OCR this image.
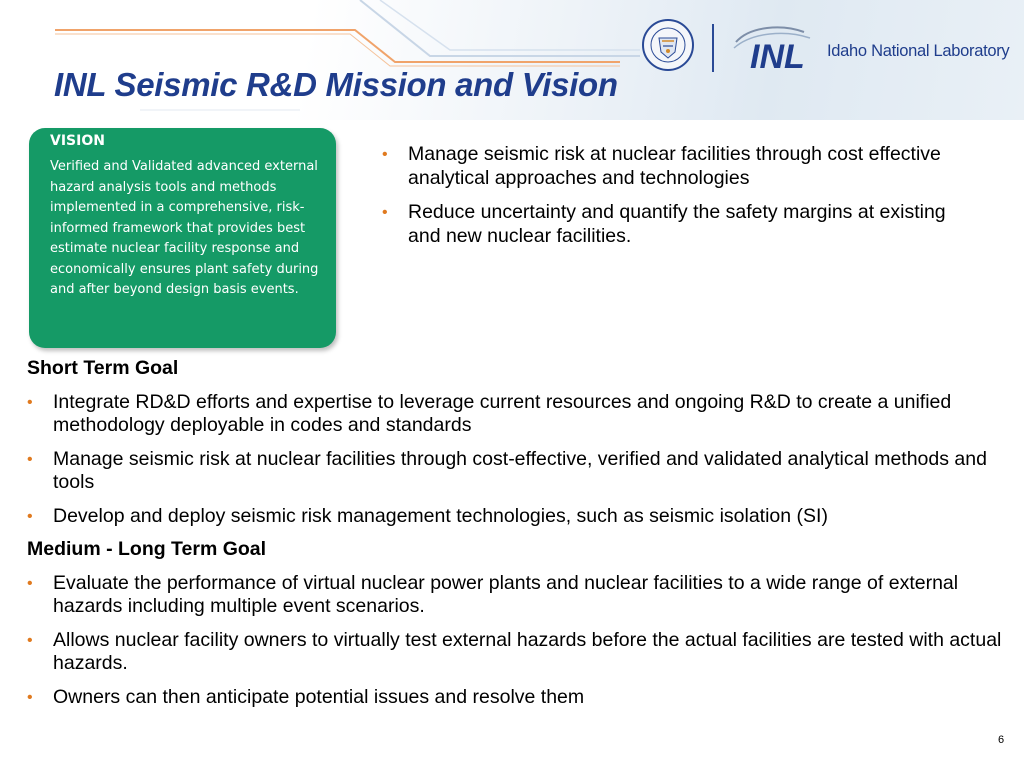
INL Seismic R&D Mission and Vision
INL Idaho National Laboratory
VISION
Verified and Validated advanced external hazard analysis tools and methods implemented in a comprehensive, risk-informed framework that provides best estimate nuclear facility response and economically ensures plant safety during and after beyond design basis events.
• Manage seismic risk at nuclear facilities through cost effective analytical approaches and technologies
• Reduce uncertainty and quantify the safety margins at existing and new nuclear facilities.
Short Term Goal
• Integrate RD&D efforts and expertise to leverage current resources and ongoing R&D to create a unified methodology deployable in codes and standards
• Manage seismic risk at nuclear facilities through cost-effective, verified and validated analytical methods and tools
• Develop and deploy seismic risk management technologies, such as seismic isolation (SI)
Medium - Long Term Goal
• Evaluate the performance of virtual nuclear power plants and nuclear facilities to a wide range of external hazards including multiple event scenarios.
• Allows nuclear facility owners to virtually test external hazards before the actual facilities are tested with actual hazards.
• Owners can then anticipate potential issues and resolve them
6
